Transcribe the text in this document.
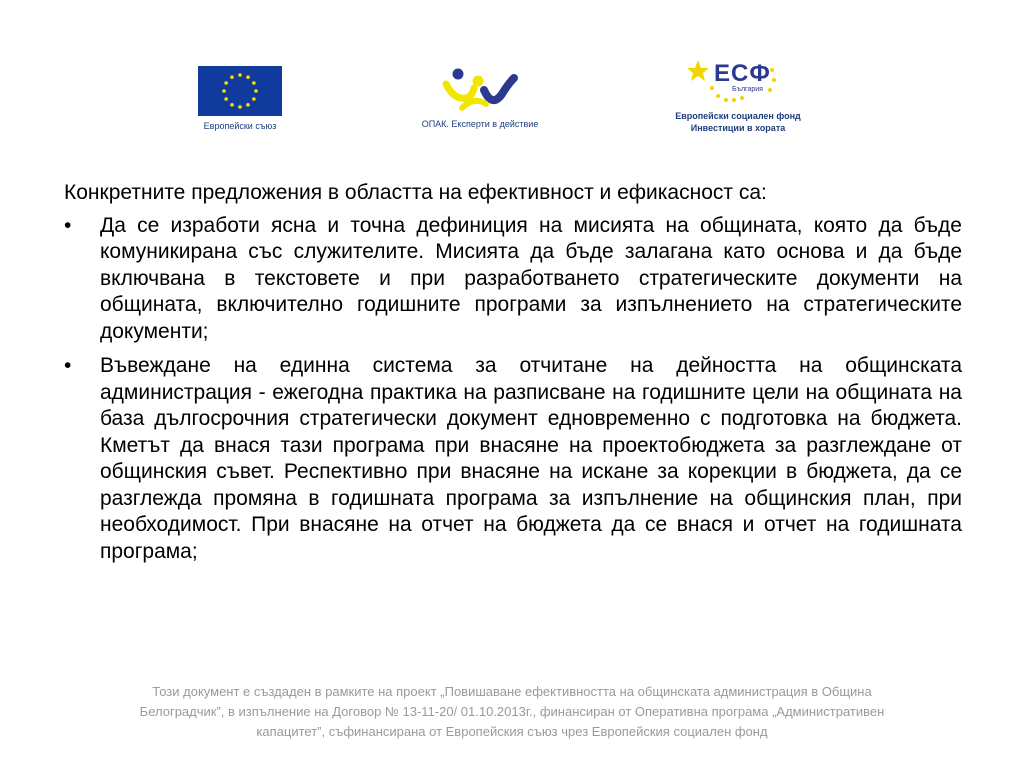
Европейски съюз	ОПАК. Експерти в действие
ЕСФ
България
Европейски социален фонд
Инвестиции в хората

Конкретните предложения в областта на ефективност и ефикасност са:

• Да се изработи ясна и точна дефиниция на мисията на общината, която да бъде комуникирана със служителите. Мисията да бъде залагана като основа и да бъде включвана в текстовете и при разработването стратегическите документи на общината, включително годишните програми за изпълнението на стратегическите документи;
• Въвеждане на единна система за отчитане на дейността на общинската администрация - ежегодна практика на разписване на годишните цели на общината на база дългосрочния стратегически документ едновременно с подготовка на бюджета. Кметът да внася тази програма при внасяне на проектобюджета за разглеждане от общинския съвет. Респективно при внасяне на искане за корекции в бюджета, да се разглежда промяна в годишната програма за изпълнение на общинския план, при необходимост. При внасяне на отчет на бюджета да се внася и отчет на годишната програма;
Този документ е създаден в рамките на проект „Повишаване ефективността на общинската администрация в Община
Белоградчик”, в изпълнение на Договор № 13-11-20/ 01.10.2013г., финансиран от Оперативна програма „Административен
капацитет”, съфинансирана от Европейския съюз чрез Европейския социален фонд
